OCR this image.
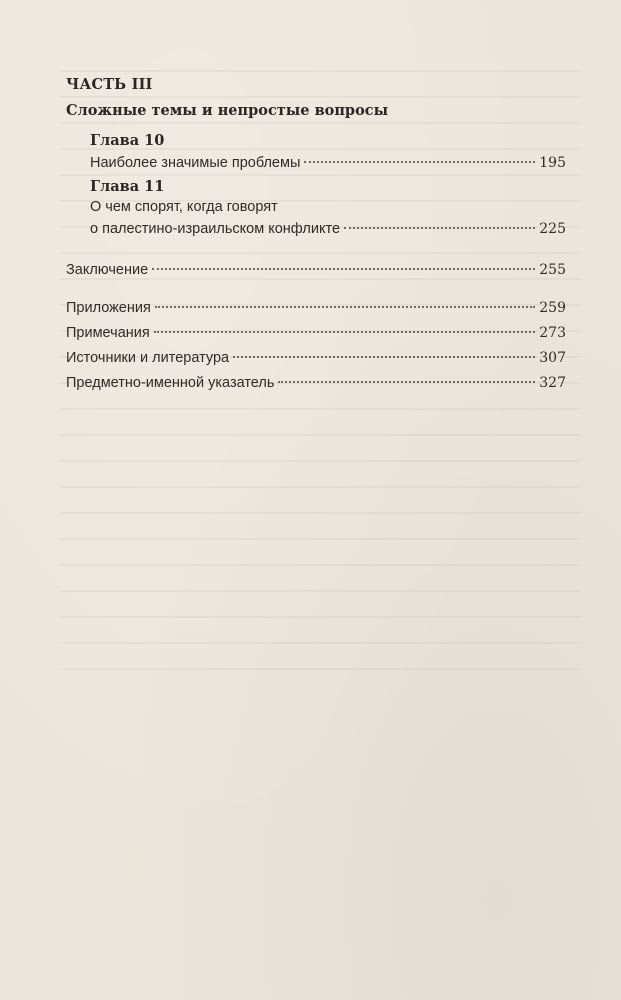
ЧАСТЬ III
Сложные темы и непростые вопросы
Глава 10
Наиболее значимые проблемы	195
Глава 11
О чем спорят, когда говорят
о палестино-израильском конфликте	225
Заключение	255
Приложения	259
Примечания	273
Источники и литература	307
Предметно-именной указатель	327
